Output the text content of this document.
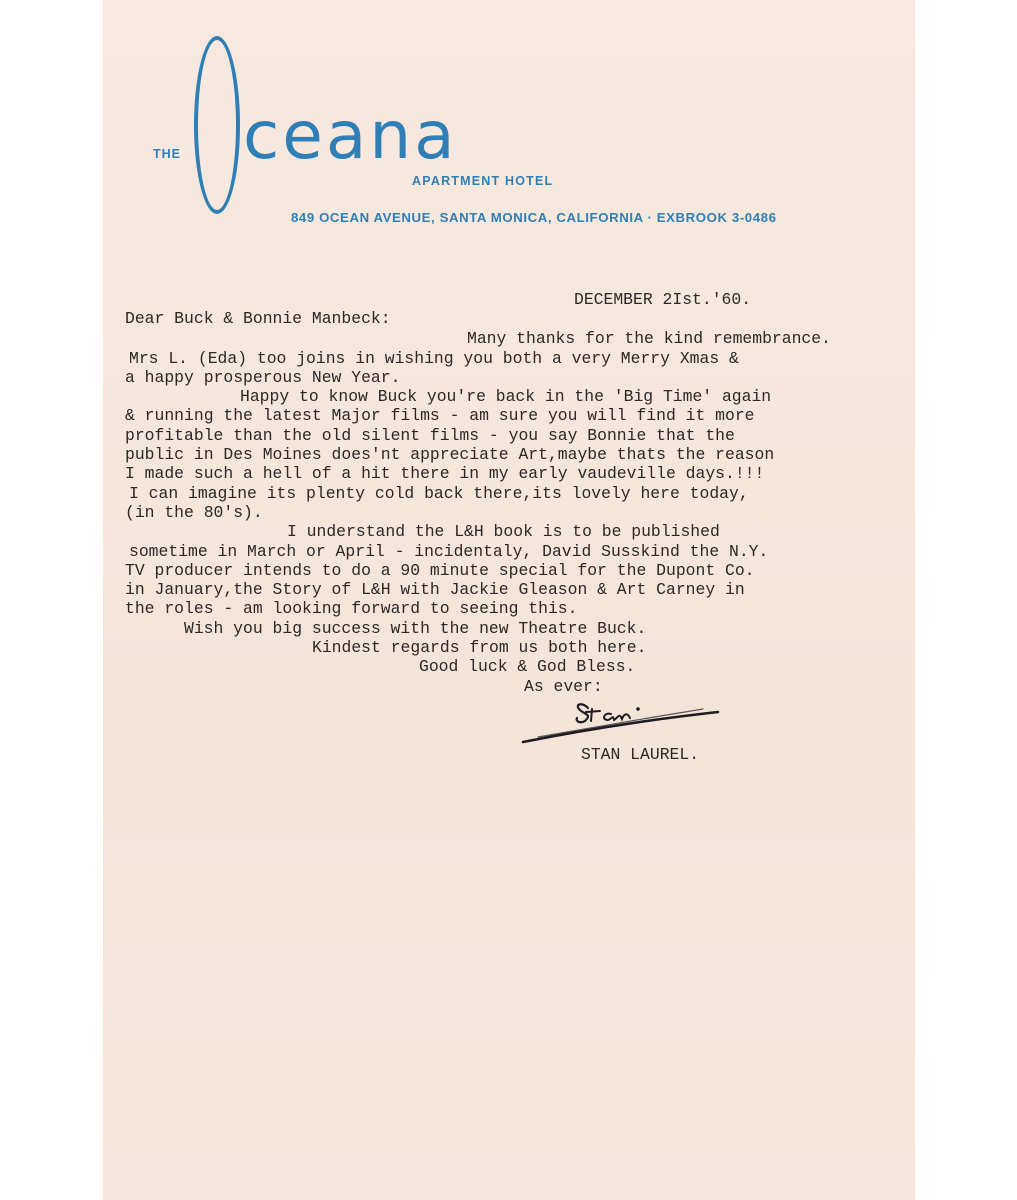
THE ceana
APARTMENT HOTEL
849 OCEAN AVENUE, SANTA MONICA, CALIFORNIA · EXBROOK 3-0486
DECEMBER 2Ist.'60.
Dear Buck & Bonnie Manbeck:
Many thanks for the kind remembrance.
Mrs L. (Eda) too joins in wishing you both a very Merry Xmas &
a happy prosperous New Year.
Happy to know Buck you're back in the 'Big Time' again
& running the latest Major films - am sure you will find it more
profitable than the old silent films - you say Bonnie that the
public in Des Moines does'nt appreciate Art,maybe thats the reason
I made such a hell of a hit there in my early vaudeville days.!!!
I can imagine its plenty cold back there,its lovely here today,
(in the 80's).
I understand the L&H book is to be published
sometime in March or April - incidentaly, David Susskind the N.Y.
TV producer intends to do a 90 minute special for the Dupont Co.
in January,the Story of L&H with Jackie Gleason & Art Carney in
the roles - am looking forward to seeing this.
Wish you big success with the new Theatre Buck.
Kindest regards from us both here.
Good luck & God Bless.
As ever:
STAN LAUREL.
